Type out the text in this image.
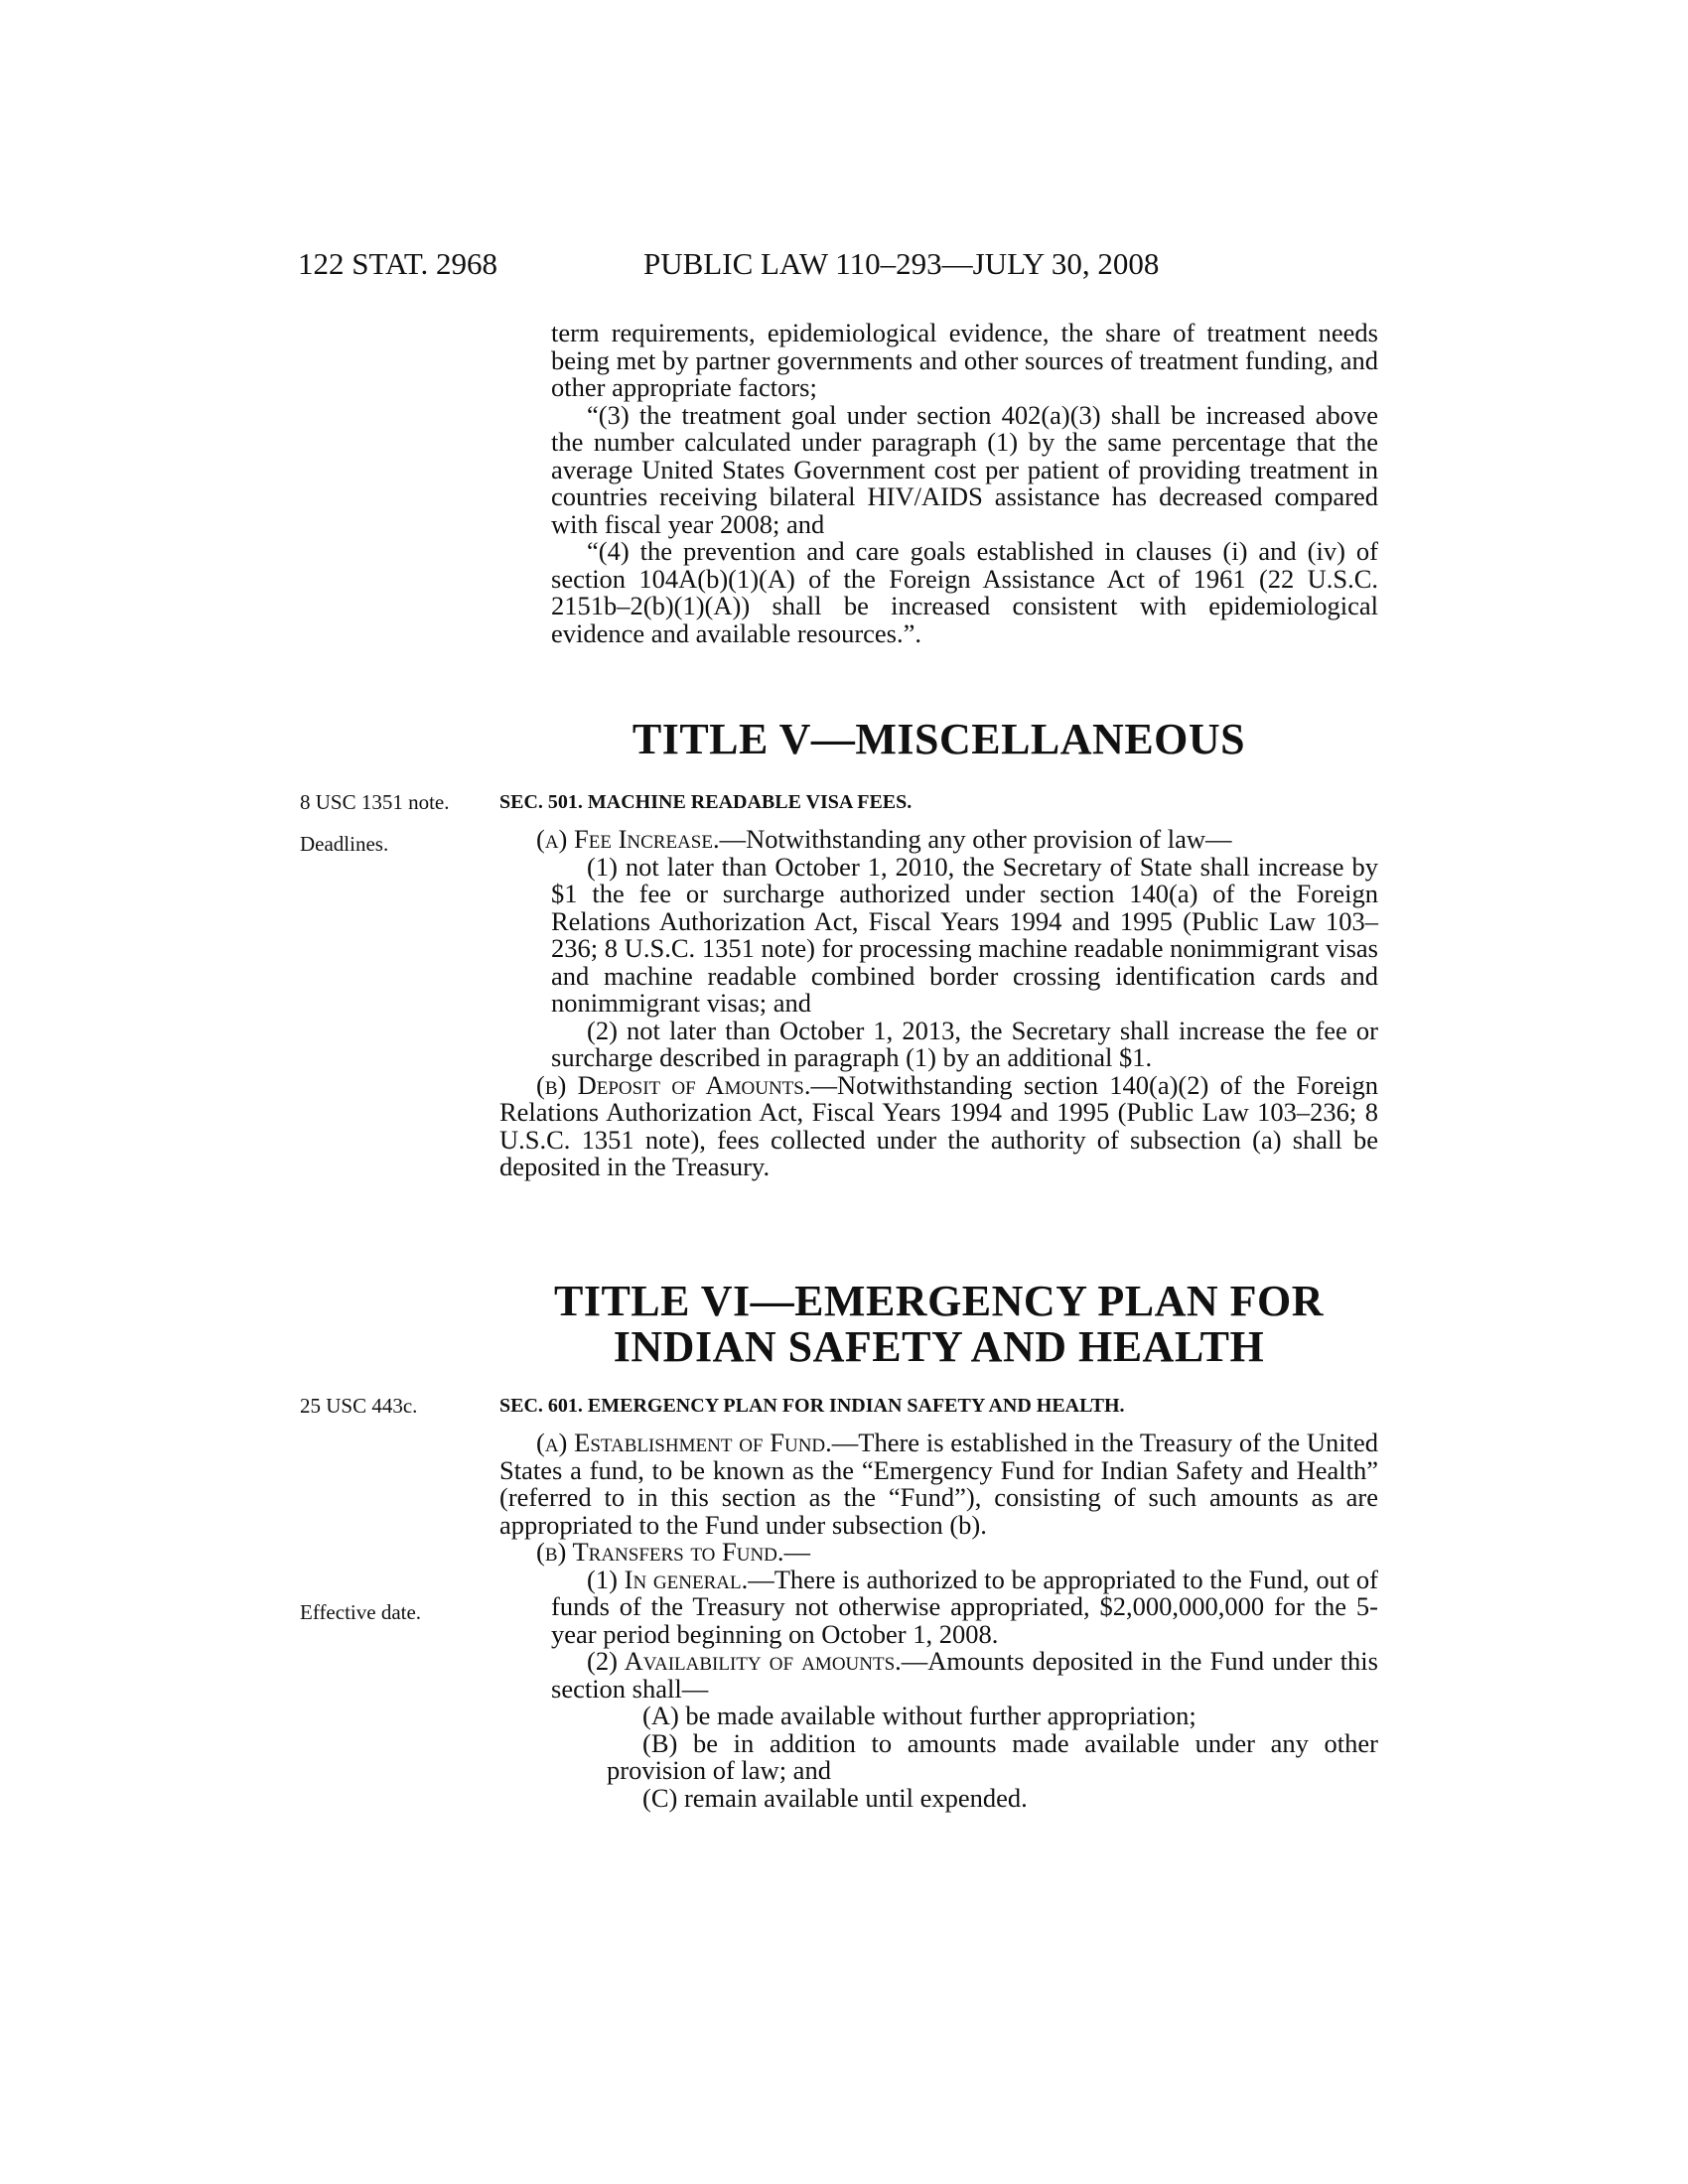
122 STAT. 2968	PUBLIC LAW 110–293—JULY 30, 2008

term requirements, epidemiological evidence, the share of treatment needs being met by partner governments and other sources of treatment funding, and other appropriate factors;

“(3) the treatment goal under section 402(a)(3) shall be increased above the number calculated under paragraph (1) by the same percentage that the average United States Government cost per patient of providing treatment in countries receiving bilateral HIV/AIDS assistance has decreased compared with fiscal year 2008; and

“(4) the prevention and care goals established in clauses (i) and (iv) of section 104A(b)(1)(A) of the Foreign Assistance Act of 1961 (22 U.S.C. 2151b–2(b)(1)(A)) shall be increased consistent with epidemiological evidence and available resources.”.

TITLE V—MISCELLANEOUS
8 USC 1351 note.	SEC. 501. MACHINE READABLE VISA FEES.
Deadlines.	(a) Fee Increase.—Notwithstanding any other provision of law—

(1) not later than October 1, 2010, the Secretary of State shall increase by $1 the fee or surcharge authorized under section 140(a) of the Foreign Relations Authorization Act, Fiscal Years 1994 and 1995 (Public Law 103–236; 8 U.S.C. 1351 note) for processing machine readable nonimmigrant visas and machine readable combined border crossing identification cards and nonimmigrant visas; and

(2) not later than October 1, 2013, the Secretary shall increase the fee or surcharge described in paragraph (1) by an additional $1.

(b) Deposit of Amounts.—Notwithstanding section 140(a)(2) of the Foreign Relations Authorization Act, Fiscal Years 1994 and 1995 (Public Law 103–236; 8 U.S.C. 1351 note), fees collected under the authority of subsection (a) shall be deposited in the Treasury.

TITLE VI—EMERGENCY PLAN FOR
INDIAN SAFETY AND HEALTH
25 USC 443c.	SEC. 601. EMERGENCY PLAN FOR INDIAN SAFETY AND HEALTH.
Effective date.

(a) Establishment of Fund.—There is established in the Treasury of the United States a fund, to be known as the “Emergency Fund for Indian Safety and Health” (referred to in this section as the “Fund”), consisting of such amounts as are appropriated to the Fund under subsection (b).

(b) Transfers to Fund.—

(1) In general.—There is authorized to be appropriated to the Fund, out of funds of the Treasury not otherwise appropriated, $2,000,000,000 for the 5-year period beginning on October 1, 2008.

(2) Availability of amounts.—Amounts deposited in the Fund under this section shall—

(A) be made available without further appropriation;

(B) be in addition to amounts made available under any other provision of law; and

(C) remain available until expended.
